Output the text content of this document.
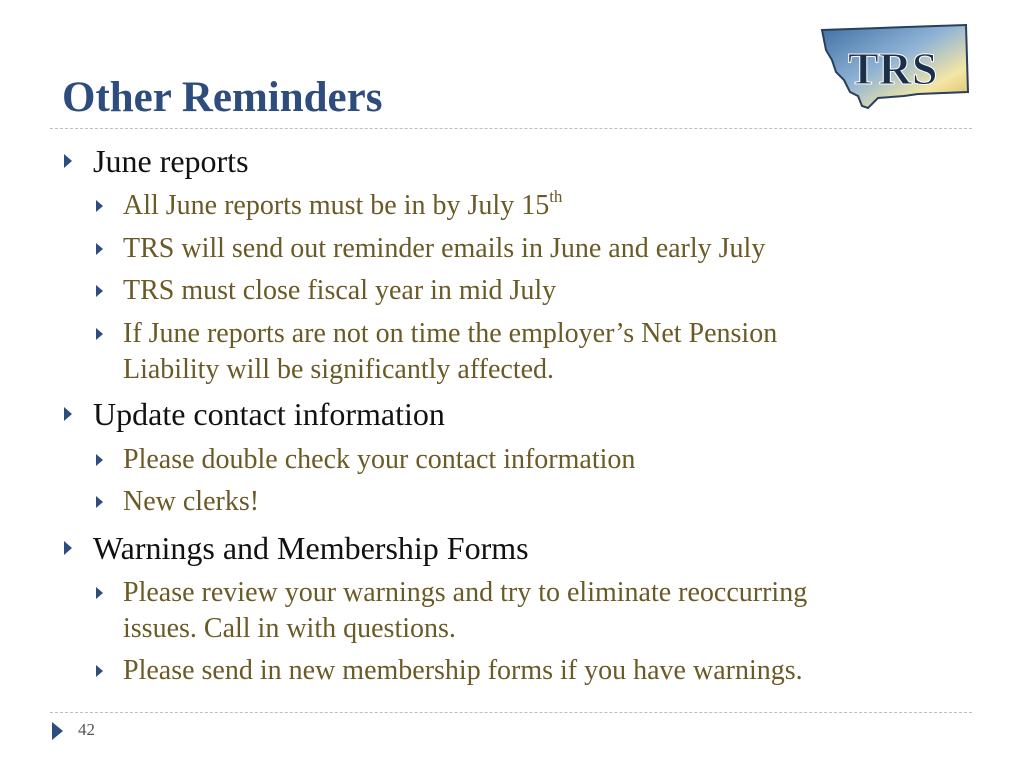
Other Reminders
TRS
June reports
All June reports must be in by July 15th
TRS will send out reminder emails in June and early July
TRS must close fiscal year in mid July
If June reports are not on time the employer’s Net Pension
Liability will be significantly affected.
Update contact information
Please double check your contact information
New clerks!
Warnings and Membership Forms
Please review your warnings and try to eliminate reoccurring
issues. Call in with questions.
Please send in new membership forms if you have warnings.
42
